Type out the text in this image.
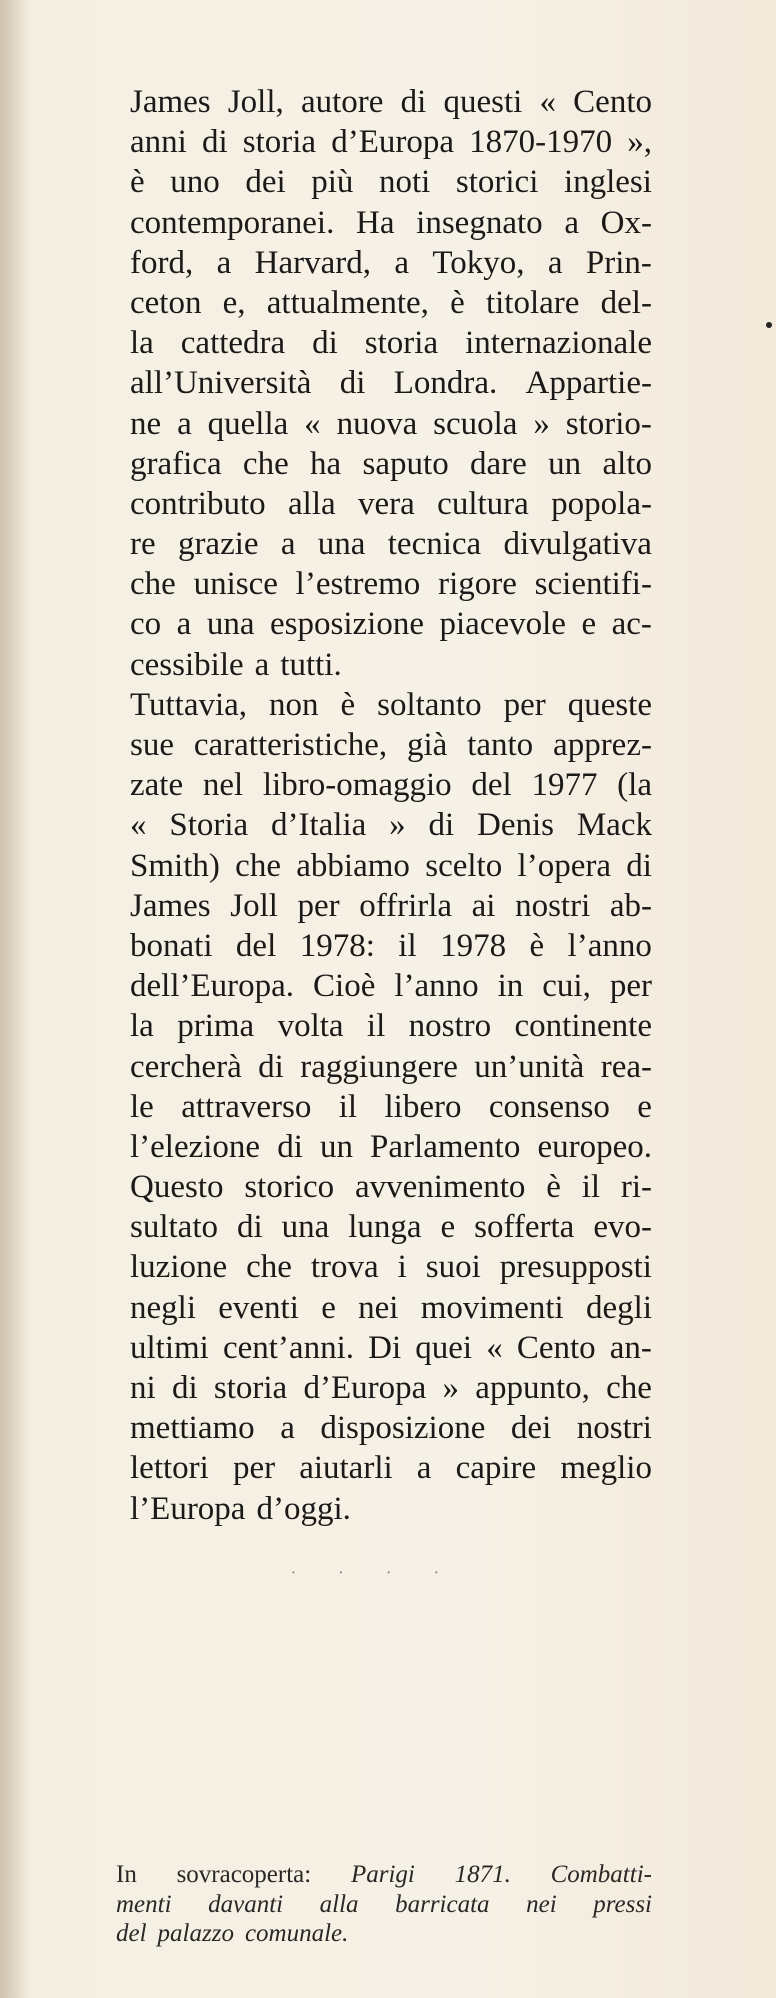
James Joll, autore di questi « Cento
anni di storia d’Europa 1870-1970 »,
è uno dei più noti storici inglesi
contemporanei. Ha insegnato a Ox-
ford, a Harvard, a Tokyo, a Prin-
ceton e, attualmente, è titolare del-
la cattedra di storia internazionale
all’Università di Londra. Appartie-
ne a quella « nuova scuola » storio-
grafica che ha saputo dare un alto
contributo alla vera cultura popola-
re grazie a una tecnica divulgativa
che unisce l’estremo rigore scientifi-
co a una esposizione piacevole e ac-
cessibile a tutti.
Tuttavia, non è soltanto per queste
sue caratteristiche, già tanto apprez-
zate nel libro-omaggio del 1977 (la
« Storia d’Italia » di Denis Mack
Smith) che abbiamo scelto l’opera di
James Joll per offrirla ai nostri ab-
bonati del 1978: il 1978 è l’anno
dell’Europa. Cioè l’anno in cui, per
la prima volta il nostro continente
cercherà di raggiungere un’unità rea-
le attraverso il libero consenso e
l’elezione di un Parlamento europeo.
Questo storico avvenimento è il ri-
sultato di una lunga e sofferta evo-
luzione che trova i suoi presupposti
negli eventi e nei movimenti degli
ultimi cent’anni. Di quei « Cento an-
ni di storia d’Europa » appunto, che
mettiamo a disposizione dei nostri
lettori per aiutarli a capire meglio
l’Europa d’oggi.
· · · ·
In sovracoperta: Parigi 1871. Combatti-
menti davanti alla barricata nei pressi
del palazzo comunale.
